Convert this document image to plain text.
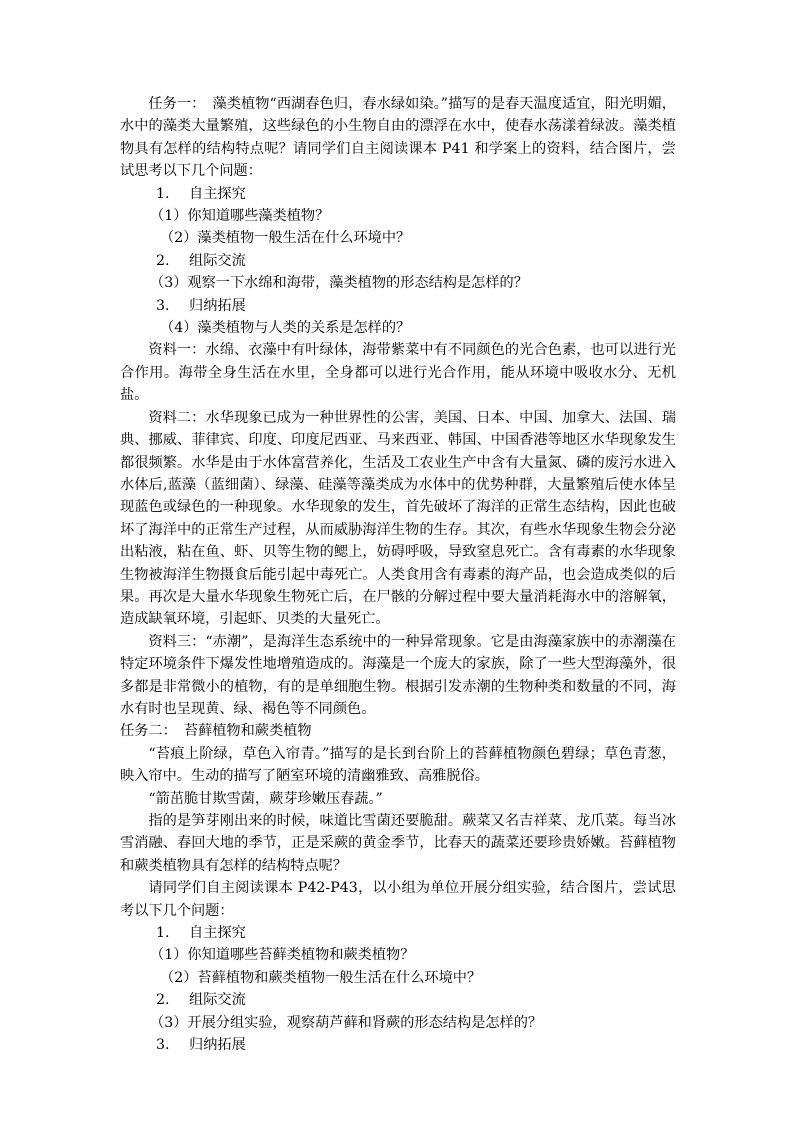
任务一：　藻类植物“西湖春色归，春水绿如染。”描写的是春天温度适宜，阳光明媚，水中的藻类大量繁殖，这些绿色的小生物自由的漂浮在水中，使春水荡漾着绿波。藻类植物具有怎样的结构特点呢？请同学们自主阅读课本 P41 和学案上的资料，结合图片，尝试思考以下几个问题：

1. 自主探究

（1）你知道哪些藻类植物？

（2）藻类植物一般生活在什么环境中？

2. 组际交流

（3）观察一下水绵和海带，藻类植物的形态结构是怎样的？

3. 归纳拓展

（4）藻类植物与人类的关系是怎样的？

资料一：水绵、衣藻中有叶绿体，海带紫菜中有不同颜色的光合色素，也可以进行光合作用。海带全身生活在水里，全身都可以进行光合作用，能从环境中吸收水分、无机盐。

资料二：水华现象已成为一种世界性的公害，美国、日本、中国、加拿大、法国、瑞典、挪威、菲律宾、印度、印度尼西亚、马来西亚、韩国、中国香港等地区水华现象发生都很频繁。水华是由于水体富营养化，生活及工农业生产中含有大量氮、磷的废污水进入水体后,蓝藻（蓝细菌）、绿藻、硅藻等藻类成为水体中的优势种群，大量繁殖后使水体呈现蓝色或绿色的一种现象。水华现象的发生，首先破坏了海洋的正常生态结构，因此也破坏了海洋中的正常生产过程，从而威胁海洋生物的生存。其次，有些水华现象生物会分泌出粘液，粘在鱼、虾、贝等生物的鳃上，妨碍呼吸，导致窒息死亡。含有毒素的水华现象生物被海洋生物摄食后能引起中毒死亡。人类食用含有毒素的海产品，也会造成类似的后果。再次是大量水华现象生物死亡后，在尸骸的分解过程中要大量消耗海水中的溶解氧，造成缺氧环境，引起虾、贝类的大量死亡。

资料三：“赤潮”，是海洋生态系统中的一种异常现象。它是由海藻家族中的赤潮藻在特定环境条件下爆发性地增殖造成的。海藻是一个庞大的家族，除了一些大型海藻外，很多都是非常微小的植物，有的是单细胞生物。根据引发赤潮的生物种类和数量的不同，海水有时也呈现黄、绿、褐色等不同颜色。

任务二：　苔藓植物和蕨类植物

“苔痕上阶绿，草色入帘青。”描写的是长到台阶上的苔藓植物颜色碧绿；草色青葱，映入帘中。生动的描写了陋室环境的清幽雅致、高雅脱俗。

“箭茁脆甘欺雪菌，蕨芽珍嫩压春蔬。”

指的是笋芽刚出来的时候，味道比雪菌还要脆甜。蕨菜又名吉祥菜、龙爪菜。每当冰雪消融、春回大地的季节，正是采蕨的黄金季节，比春天的蔬菜还要珍贵娇嫩。苔藓植物和蕨类植物具有怎样的结构特点呢？

请同学们自主阅读课本 P42-P43，以小组为单位开展分组实验，结合图片，尝试思考以下几个问题：

1. 自主探究

（1）你知道哪些苔藓类植物和蕨类植物？

（2）苔藓植物和蕨类植物一般生活在什么环境中？

2. 组际交流

（3）开展分组实验，观察葫芦藓和肾蕨的形态结构是怎样的？

3. 归纳拓展
